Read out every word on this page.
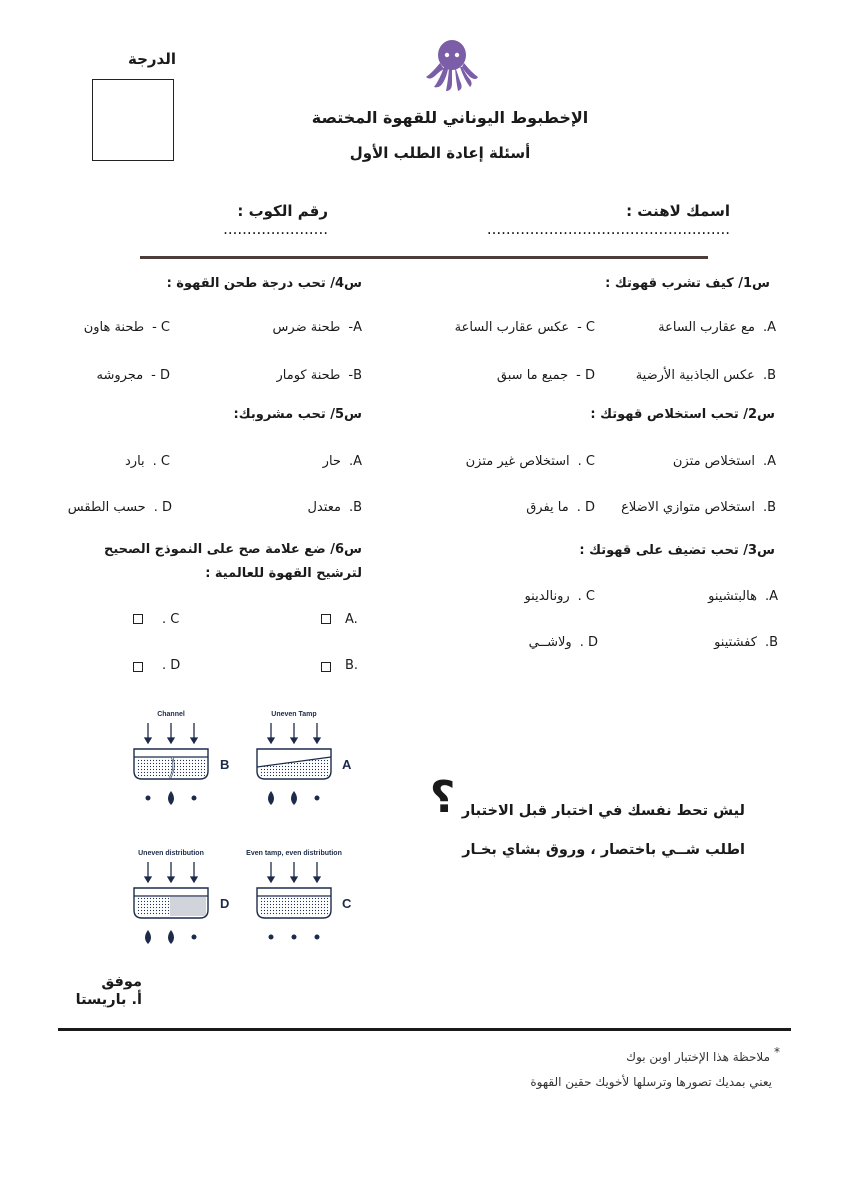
الدرجة
الإخطبوط اليوناني للقهوة المختصة
أسئلة إعادة الطلب الأول
اسمك لاهنت : ...................................................
رقم الكوب : ......................
س1/ كيف تشرب قهوتك :
A.مع عقارب الساعة
B.عكس الجاذبية الأرضية
C -عكس عقارب الساعة
D -جميع ما سبق
س2/ تحب استخلاص قهوتك :
A.استخلاص متزن
B.استخلاص متوازي الاضلاع
C .استخلاص غير متزن
D .ما يفرق
س3/ تحب تضيف على قهوتك :
A.هالبتشينو
B.كفشتينو
C .رونالدينو
D .ولاشــي
س4/ تحب درجة طحن القهوة :
A-طحنة ضرس
B-طحنة كومار
C -طحنة هاون
D -مجروشه
س5/ تحب مشروبك:
A.حار
B.معتدل
C .بارد
D .حسب الطقس
س6/ ضع علامة صح على النموذج الصحيح
لترشيح القهوة للعالمية :
A.
B.
. C
. D
Channel
B
Uneven Tamp
A
Uneven distribution
D
Even tamp, even distribution
C
? ليش تحط نفسك في اختبار قبل الاختبار
اطلب شــي باختصار ، وروق بشاي بخـار
موفق
أ. باريستا
*
ملاحظة هذا الإختبار اوبن بوك
يعني بمديك تصورها وترسلها لأخويك حقين القهوة
